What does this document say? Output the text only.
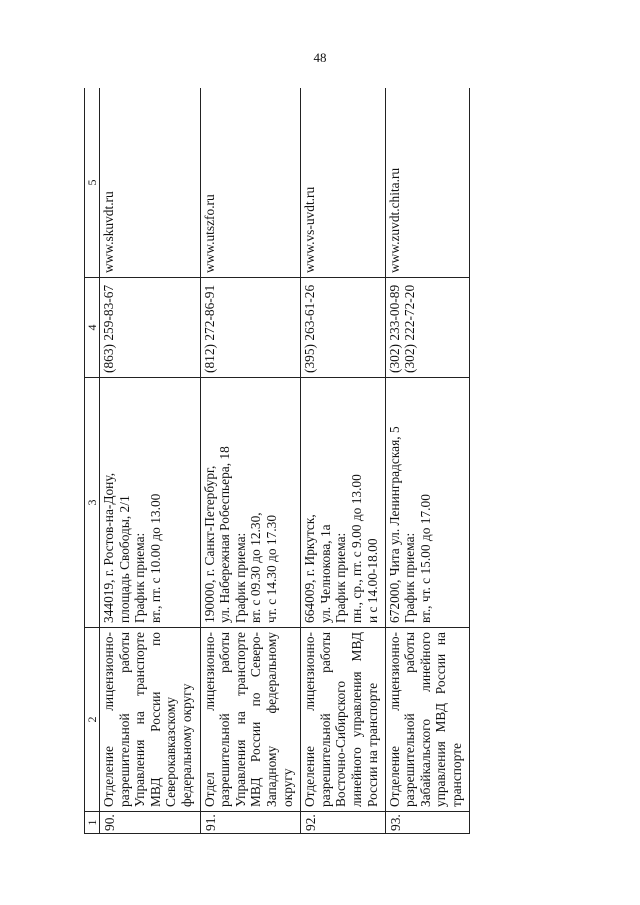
48
1	2	3	4	5
90.	Отделение лицензионно-разрешительной работы Управления на транспорте МВД России по Северокавказскому федеральному округу	344019, г. Ростов-на-Дону, площадь Свободы, 2/1 График приема: вт., пт. с 10.00 до 13.00	(863) 259-83-67	www.skuvdt.ru
91.	Отдел лицензионно-разрешительной работы Управления на транспорте МВД России по Северо-Западному федеральному округу	190000, г. Санкт-Петербург, ул. Набережная Робеспьера, 18 График приема: вт. с 09.30 до 12.30, чт. с 14.30 до 17.30	(812) 272-86-91	www.utszfo.ru
92.	Отделение лицензионно-разрешительной работы Восточно-Сибирского линейного управления МВД России на транспорте	664009, г. Иркутск, ул. Челнокова, 1а График приема: пн., ср., пт. с 9.00 до 13.00 и с 14.00-18.00	(395) 263-61-26	www.vs-uvdt.ru
93.	Отделение лицензионно-разрешительной работы Забайкальского линейного управления МВД России на транспорте	672000, Чита ул. Ленинградская, 5 График приема: вт., чт. с 15.00 до 17.00	(302) 233-00-89 (302) 222-72-20	www.zuvdt.chita.ru
